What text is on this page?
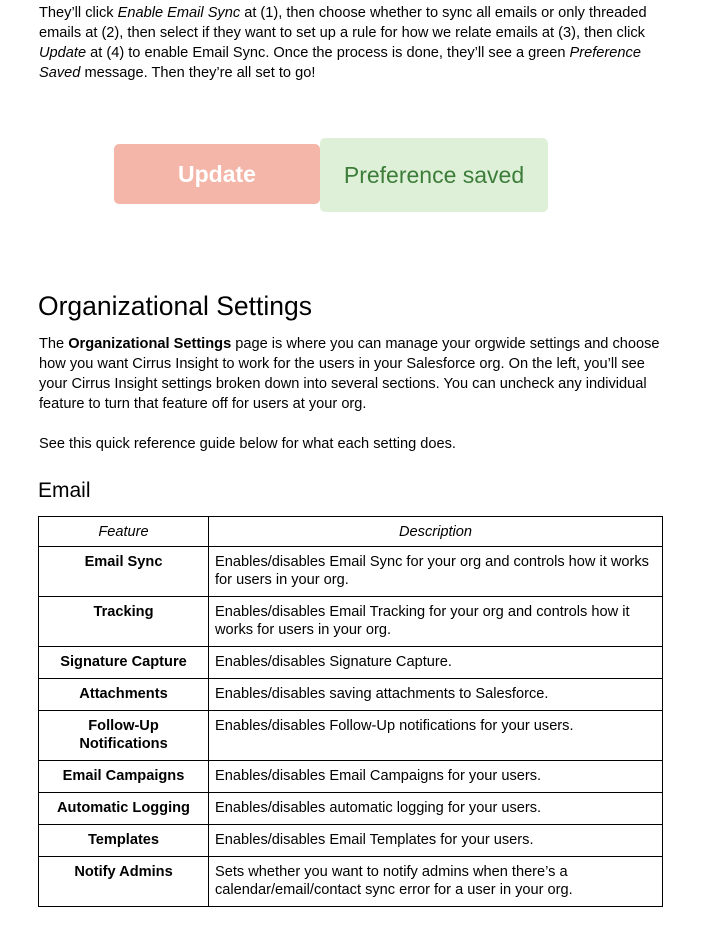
They’ll click Enable Email Sync at (1), then choose whether to sync all emails or only threaded emails at (2), then select if they want to set up a rule for how we relate emails at (3), then click Update at (4) to enable Email Sync. Once the process is done, they’ll see a green Preference Saved message. Then they’re all set to go!

Update	Preference saved
Organizational Settings

The Organizational Settings page is where you can manage your orgwide settings and choose how you want Cirrus Insight to work for the users in your Salesforce org. On the left, you’ll see your Cirrus Insight settings broken down into several sections. You can uncheck any individual feature to turn that feature off for users at your org.

See this quick reference guide below for what each setting does.

Email
Feature	Description
Email Sync	Enables/disables Email Sync for your org and controls how it works for users in your org.
Tracking	Enables/disables Email Tracking for your org and controls how it works for users in your org.
Signature Capture	Enables/disables Signature Capture.
Attachments	Enables/disables saving attachments to Salesforce.
Follow-Up Notifications	Enables/disables Follow-Up notifications for your users.
Email Campaigns	Enables/disables Email Campaigns for your users.
Automatic Logging	Enables/disables automatic logging for your users.
Templates	Enables/disables Email Templates for your users.
Notify Admins	Sets whether you want to notify admins when there’s a calendar/email/contact sync error for a user in your org.
